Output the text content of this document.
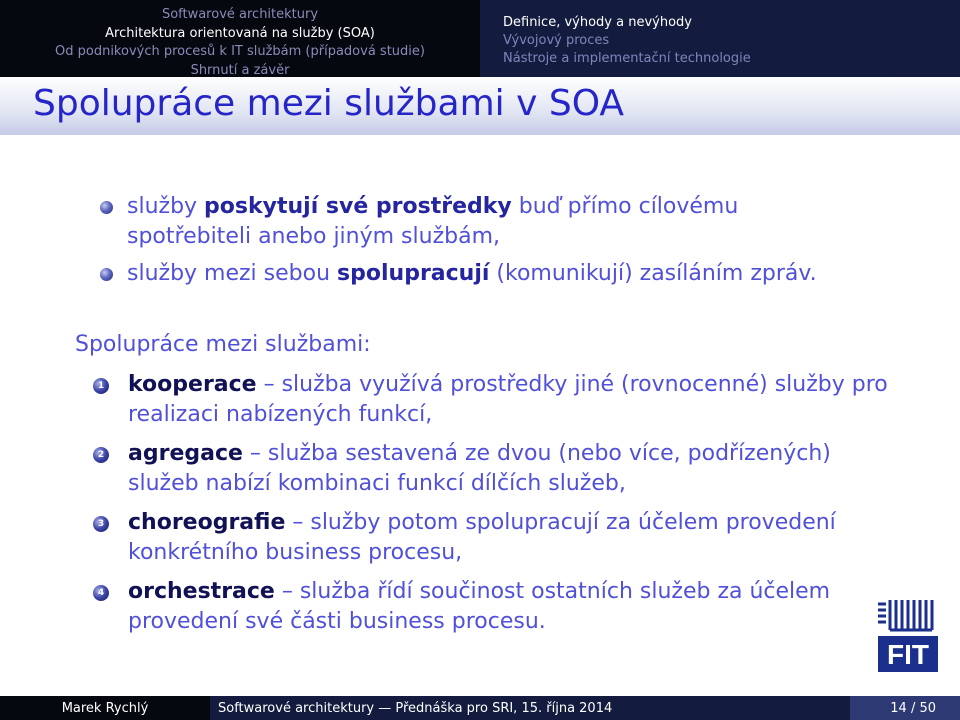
Softwarové architektury
Architektura orientovaná na služby (SOA)
Od podnikových procesů k IT službám (případová studie)
Shrnutí a závěr
Definice, výhody a nevýhody
Vývojový proces
Nástroje a implementační technologie
Spolupráce mezi službami v SOA
služby poskytují své prostředky buď přímo cílovému spotřebiteli anebo jiným službám,
služby mezi sebou spolupracují (komunikují) zasíláním zpráv.
Spolupráce mezi službami:
1 kooperace – služba využívá prostředky jiné (rovnocenné) služby pro realizaci nabízených funkcí,
2 agregace – služba sestavená ze dvou (nebo více, podřízených) služeb nabízí kombinaci funkcí dílčích služeb,
3 choreografie – služby potom spolupracují za účelem provedení konkrétního business procesu,
4 orchestrace – služba řídí součinost ostatních služeb za účelem provedení své části business procesu.
FIT
Marek Rychlý	Softwarové architektury — Přednáška pro SRI, 15. října 2014	14 / 50
